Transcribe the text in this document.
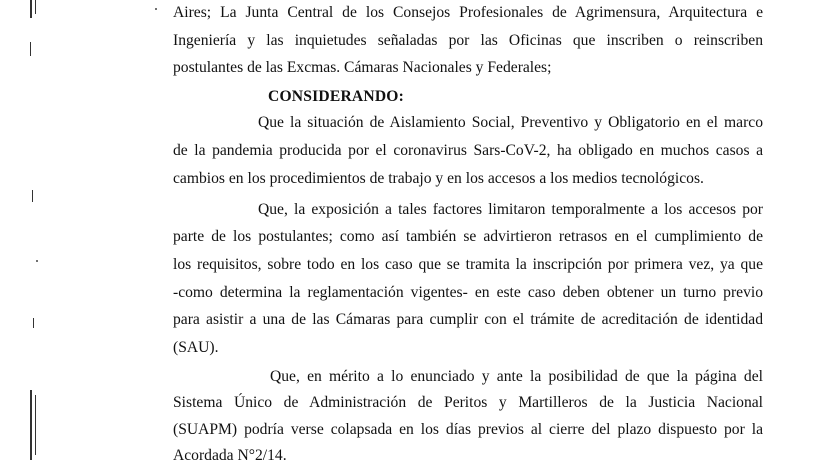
Aires; La Junta Central de los Consejos Profesionales de Agrimensura, Arquitectura e
Ingeniería y las inquietudes señaladas por las Oficinas que inscriben o reinscriben
postulantes de las Excmas. Cámaras Nacionales y Federales;
CONSIDERANDO:
Que la situación de Aislamiento Social, Preventivo y Obligatorio en el marco
de la pandemia producida por el coronavirus Sars-CoV-2, ha obligado en muchos casos a
cambios en los procedimientos de trabajo y en los accesos a los medios tecnológicos.
Que, la exposición a tales factores limitaron temporalmente a los accesos por
parte de los postulantes; como así también se advirtieron retrasos en el cumplimiento de
los requisitos, sobre todo en los caso que se tramita la inscripción por primera vez, ya que
-como determina la reglamentación vigentes- en este caso deben obtener un turno previo
para asistir a una de las Cámaras para cumplir con el trámite de acreditación de identidad
(SAU).
Que, en mérito a lo enunciado y ante la posibilidad de que la página del
Sistema Único de Administración de Peritos y Martilleros de la Justicia Nacional
(SUAPM) podría verse colapsada en los días previos al cierre del plazo dispuesto por la
Acordada N°2/14.
